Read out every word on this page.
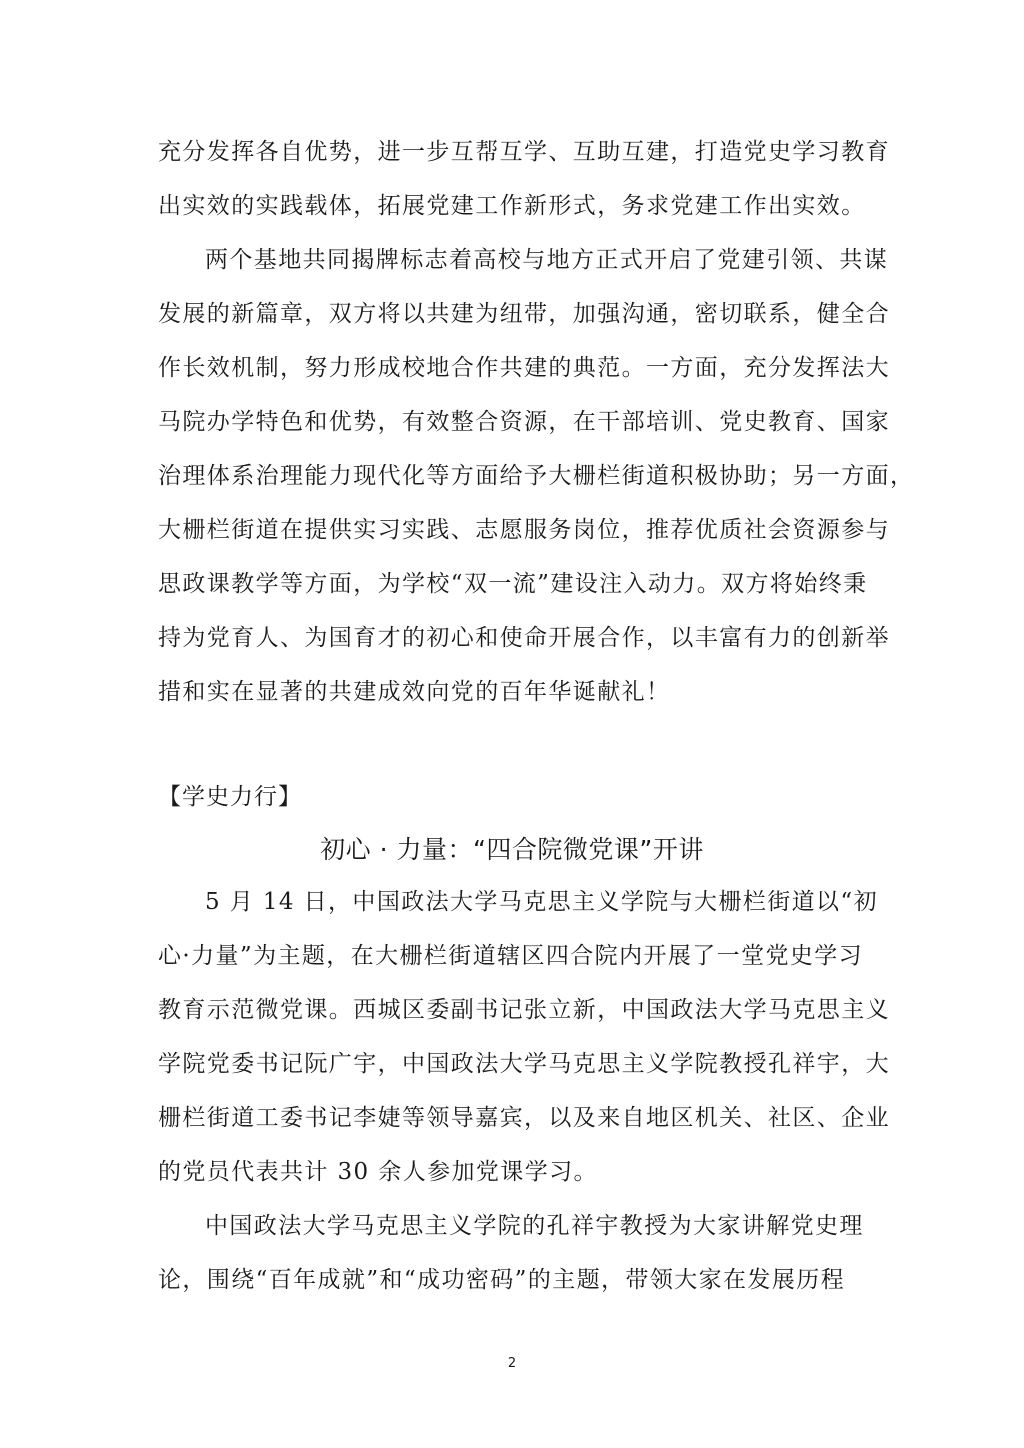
充分发挥各自优势，进一步互帮互学、互助互建，打造党史学习教育
出实效的实践载体，拓展党建工作新形式，务求党建工作出实效。
两个基地共同揭牌标志着高校与地方正式开启了党建引领、共谋
发展的新篇章，双方将以共建为纽带，加强沟通，密切联系，健全合
作长效机制，努力形成校地合作共建的典范。一方面，充分发挥法大
马院办学特色和优势，有效整合资源，在干部培训、党史教育、国家
治理体系治理能力现代化等方面给予大栅栏街道积极协助；另一方面，
大栅栏街道在提供实习实践、志愿服务岗位，推荐优质社会资源参与
思政课教学等方面，为学校“双一流”建设注入动力。双方将始终秉
持为党育人、为国育才的初心和使命开展合作，以丰富有力的创新举
措和实在显著的共建成效向党的百年华诞献礼！
【学史力行】
初心 · 力量：“四合院微党课”开讲
5 月 14 日，中国政法大学马克思主义学院与大栅栏街道以“初
心·力量”为主题，在大栅栏街道辖区四合院内开展了一堂党史学习
教育示范微党课。西城区委副书记张立新，中国政法大学马克思主义
学院党委书记阮广宇，中国政法大学马克思主义学院教授孔祥宇，大
栅栏街道工委书记李婕等领导嘉宾，以及来自地区机关、社区、企业
的党员代表共计 30 余人参加党课学习。
中国政法大学马克思主义学院的孔祥宇教授为大家讲解党史理
论，围绕“百年成就”和“成功密码”的主题，带领大家在发展历程
2
